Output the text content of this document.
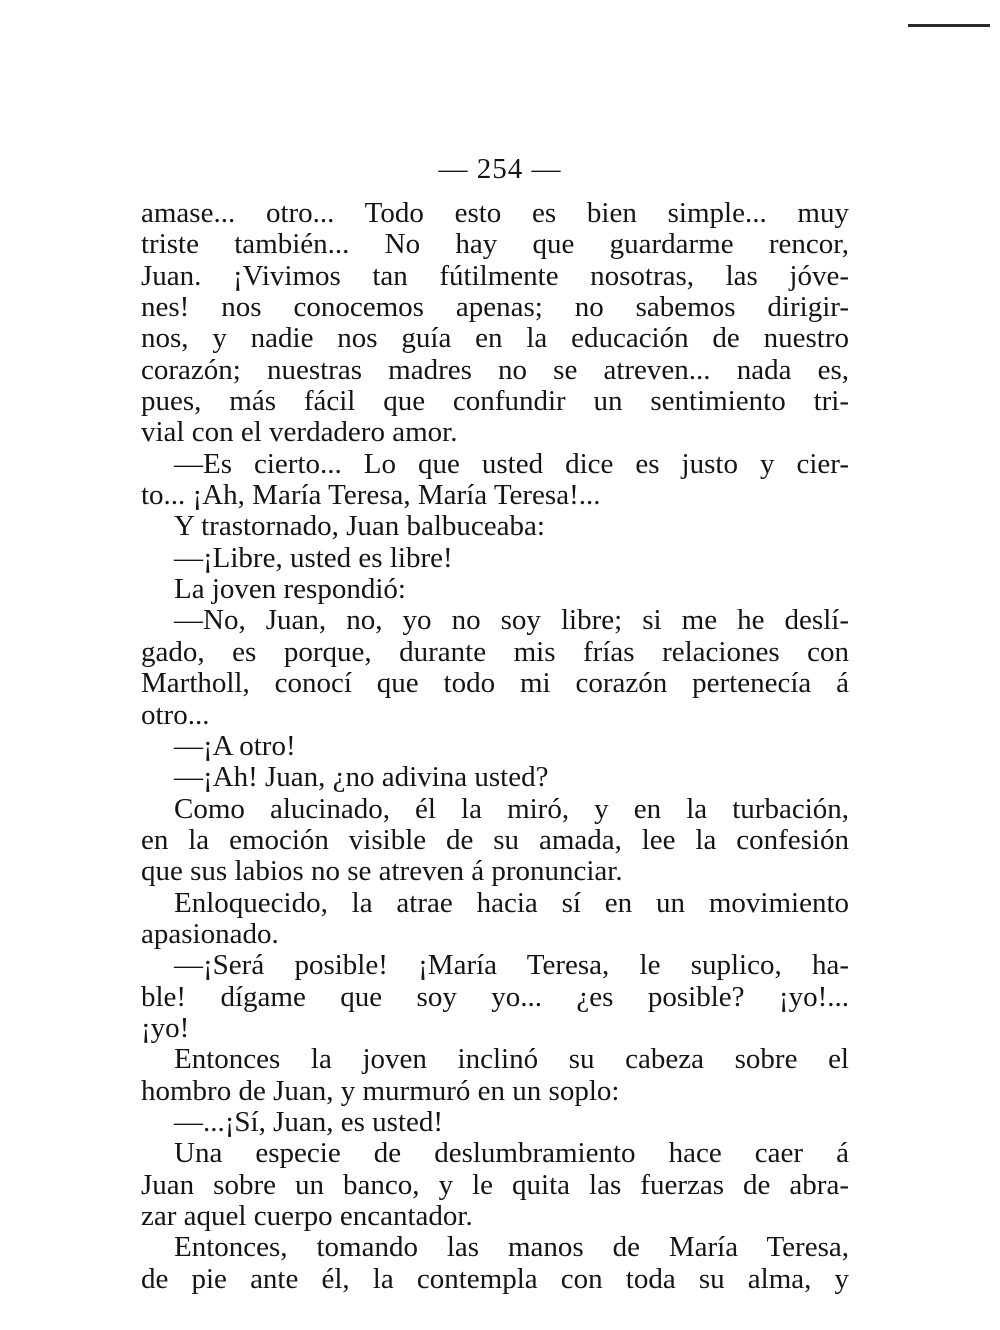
— 254 —
amase... otro... Todo esto es bien simple... muy
triste también... No hay que guardarme rencor,
Juan. ¡Vivimos tan fútilmente nosotras, las jóve-
nes! nos conocemos apenas; no sabemos dirigir-
nos, y nadie nos guía en la educación de nuestro
corazón; nuestras madres no se atreven... nada es,
pues, más fácil que confundir un sentimiento tri-
vial con el verdadero amor.
—Es cierto... Lo que usted dice es justo y cier-
to... ¡Ah, María Teresa, María Teresa!...
Y trastornado, Juan balbuceaba:
—¡Libre, usted es libre!
La joven respondió:
—No, Juan, no, yo no soy libre; si me he deslí-
gado, es porque, durante mis frías relaciones con
Martholl, conocí que todo mi corazón pertenecía á
otro...
—¡A otro!
—¡Ah! Juan, ¿no adivina usted?
Como alucinado, él la miró, y en la turbación,
en la emoción visible de su amada, lee la confesión
que sus labios no se atreven á pronunciar.
Enloquecido, la atrae hacia sí en un movimiento
apasionado.
—¡Será posible! ¡María Teresa, le suplico, ha-
ble! dígame que soy yo... ¿es posible? ¡yo!...
¡yo!
Entonces la joven inclinó su cabeza sobre el
hombro de Juan, y murmuró en un soplo:
—...¡Sí, Juan, es usted!
Una especie de deslumbramiento hace caer á
Juan sobre un banco, y le quita las fuerzas de abra-
zar aquel cuerpo encantador.
Entonces, tomando las manos de María Teresa,
de pie ante él, la contempla con toda su alma, y
